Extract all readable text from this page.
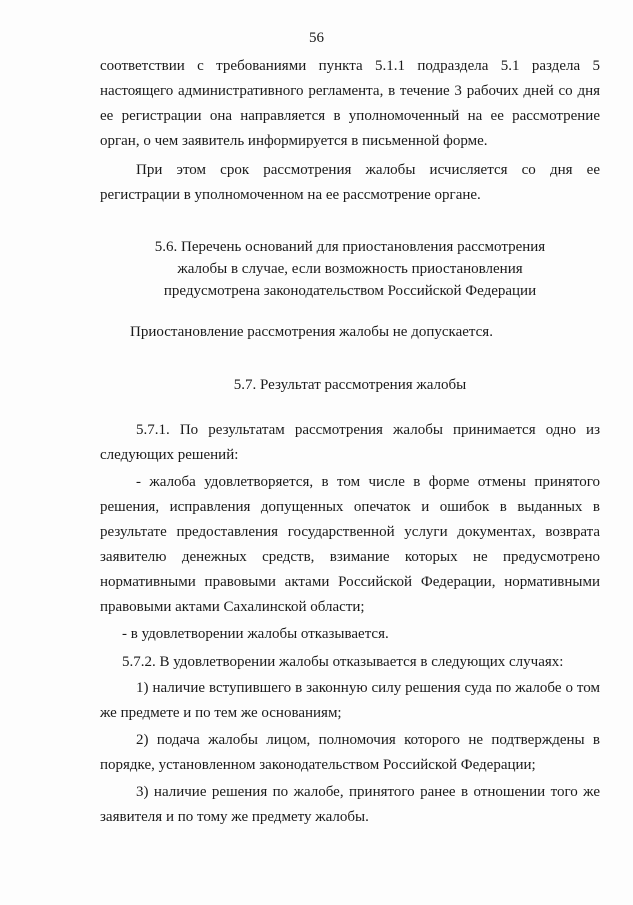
56
соответствии с требованиями пункта 5.1.1 подраздела 5.1 раздела 5 настоящего административного регламента, в течение 3 рабочих дней со дня ее регистрации она направляется в уполномоченный на ее рассмотрение орган, о чем заявитель информируется в письменной форме.
При этом срок рассмотрения жалобы исчисляется со дня ее регистрации в уполномоченном на ее рассмотрение органе.
5.6. Перечень оснований для приостановления рассмотрения
жалобы в случае, если возможность приостановления
предусмотрена законодательством Российской Федерации
Приостановление рассмотрения жалобы не допускается.
5.7. Результат рассмотрения жалобы
5.7.1. По результатам рассмотрения жалобы принимается одно из следующих решений:
- жалоба удовлетворяется, в том числе в форме отмены принятого решения, исправления допущенных опечаток и ошибок в выданных в результате предоставления государственной услуги документах, возврата заявителю денежных средств, взимание которых не предусмотрено нормативными правовыми актами Российской Федерации, нормативными правовыми актами Сахалинской области;
- в удовлетворении жалобы отказывается.
5.7.2. В удовлетворении жалобы отказывается в следующих случаях:
1) наличие вступившего в законную силу решения суда по жалобе о том же предмете и по тем же основаниям;
2) подача жалобы лицом, полномочия которого не подтверждены в порядке, установленном законодательством Российской Федерации;
3) наличие решения по жалобе, принятого ранее в отношении того же заявителя и по тому же предмету жалобы.
